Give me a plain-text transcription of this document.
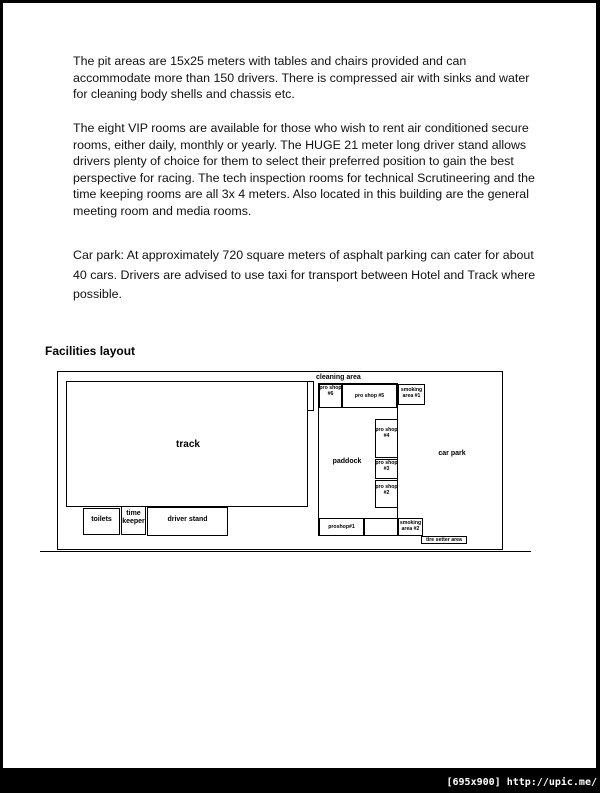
The pit areas are 15x25 meters with tables and chairs provided and can accommodate more than 150 drivers. There is compressed air with sinks and water for cleaning body shells and chassis etc.

The eight VIP rooms are available for those who wish to rent air conditioned secure rooms, either daily, monthly or yearly. The HUGE 21 meter long driver stand allows drivers plenty of choice for them to select their preferred position to gain the best perspective for racing. The tech inspection rooms for technical Scrutineering and the time keeping rooms are all 3x 4 meters. Also located in this building are the general meeting room and media rooms.

Car park: At approximately 720 square meters of asphalt parking can cater for about 40 cars. Drivers are advised to use taxi for transport between Hotel and Track where possible.

Facilities layout

track
cleaning area
toilets
time keeper	driver stand
pro shop #6	pro shop #5
smoking area #1
paddock
pro shop #4
pro shop #3
pro shop #2
car park
proshop#1
smoking area #2
tire setter area
[695x900] http://upic.me/
